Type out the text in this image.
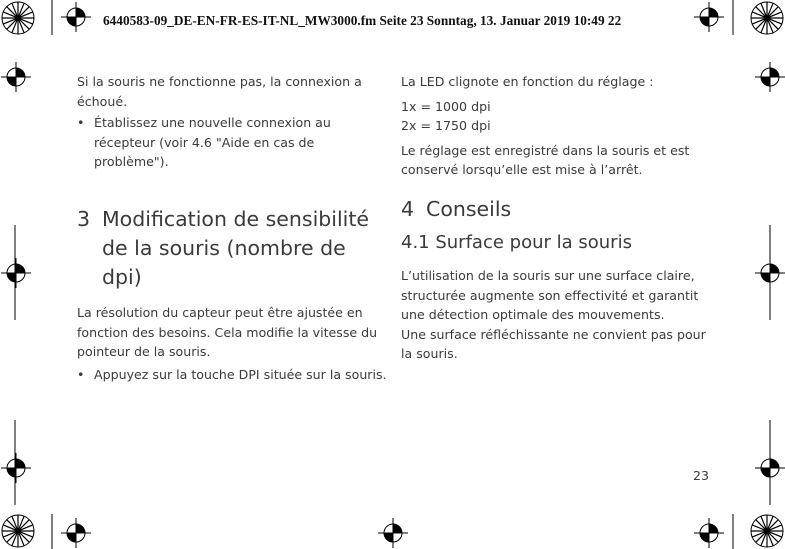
6440583-09_DE-EN-FR-ES-IT-NL_MW3000.fm Seite 23 Sonntag, 13. Januar 2019 10:49 22

Si la souris ne fonctionne pas, la connexion a échoué.

• Établissez une nouvelle connexion au récepteur (voir 4.6 "Aide en cas de problème").
3 Modification de sensibilité de la souris (nombre de dpi)

La résolution du capteur peut être ajustée en fonction des besoins. Cela modifie la vitesse du pointeur de la souris.

• Appuyez sur la touche DPI située sur la souris.

La LED clignote en fonction du réglage :

1x = 1000 dpi

2x = 1750 dpi

Le réglage est enregistré dans la souris et est conservé lorsqu’elle est mise à l’arrêt.

4 Conseils
4.1 Surface pour la souris

L’utilisation de la souris sur une surface claire, structurée augmente son effectivité et garantit une détection optimale des mouvements.

Une surface réfléchissante ne convient pas pour la souris.

23
